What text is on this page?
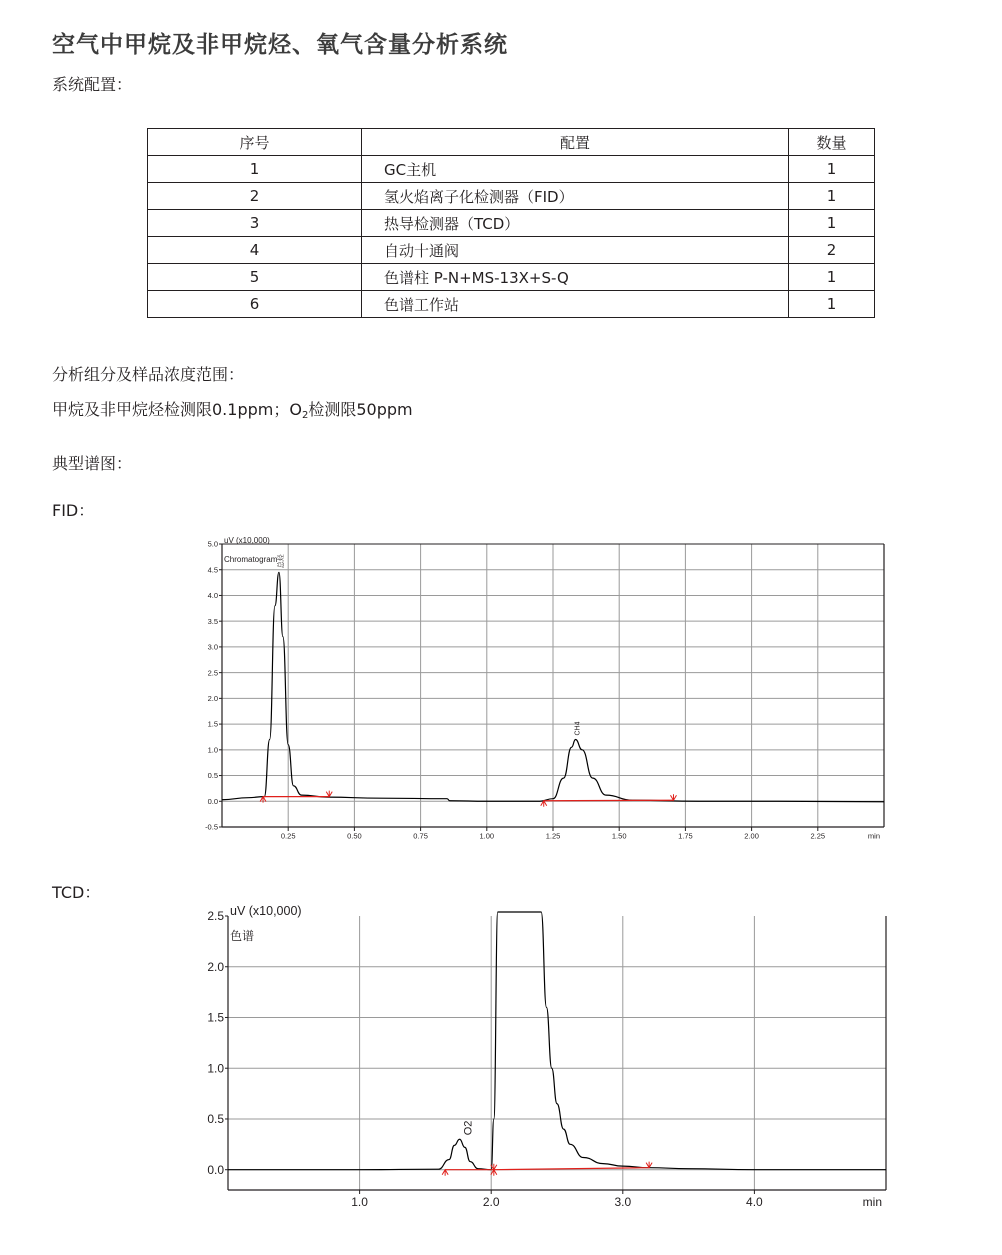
空气中甲烷及非甲烷烃、氧气含量分析系统
系统配置：
序号	配置	数量
1	GC主机	1
2	氢火焰离子化检测器（FID）	1
3	热导检测器（TCD）	1
4	自动十通阀	2
5	色谱柱 P-N+MS-13X+S-Q	1
6	色谱工作站	1
分析组分及样品浓度范围：
甲烷及非甲烷烃检测限0.1ppm；$O_2$检测限50ppm
典型谱图：
FID：
TCD：
5.0
4.5
4.0
3.5
3.0
2.5
2.0
1.5
1.0
0.5
0.0
-0.5
0.25	0.50	0.75	1.00	1.25	1.50	1.75	2.00	2.25	min
uV (x10,000)
Chromatogram 总烃
CH4
2.5
2.0
1.5
1.0
0.5
0.0
1.0	2.0	3.0	4.0	min
uV (x10,000)
色谱
O2
